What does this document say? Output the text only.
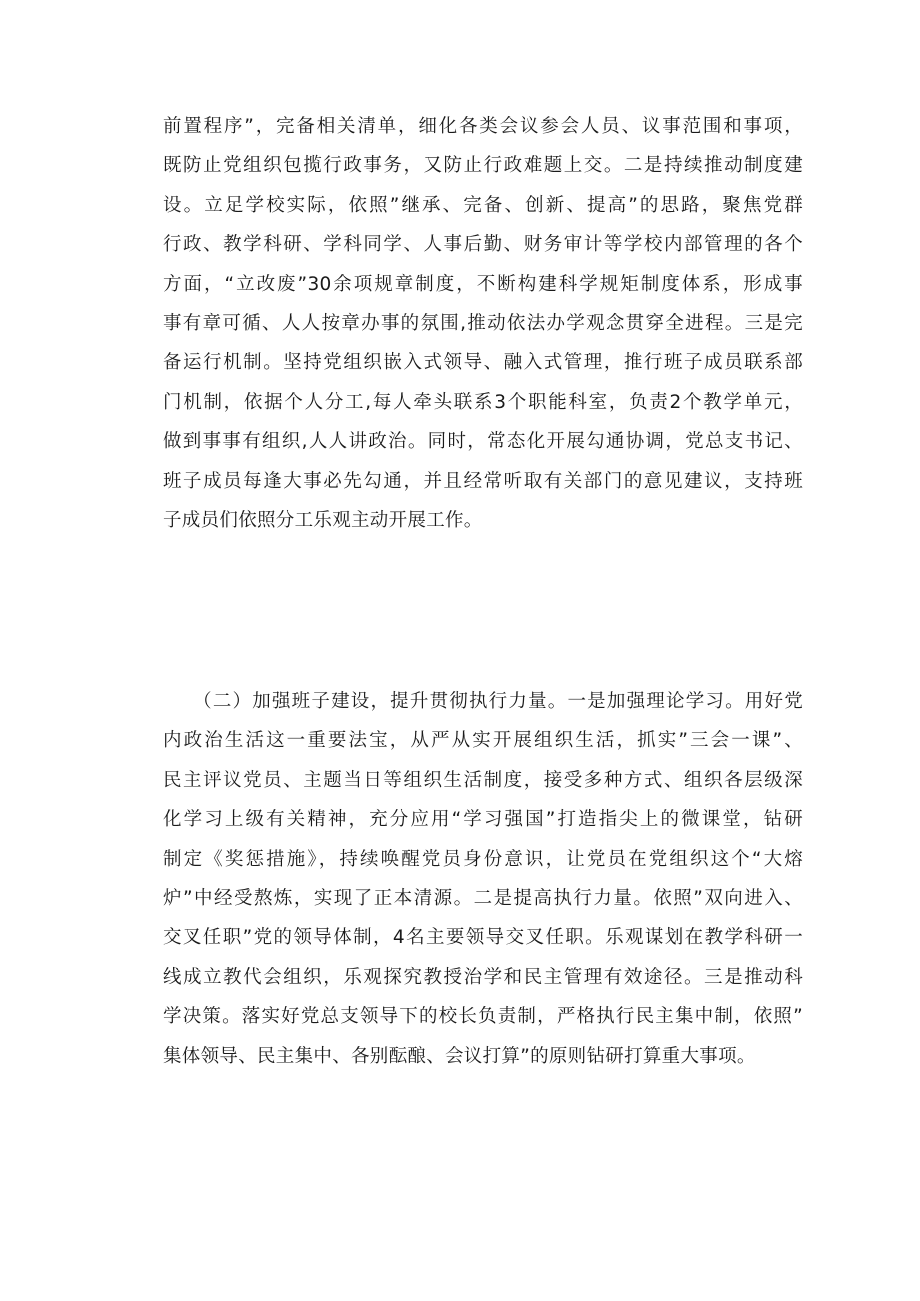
前置程序”，完备相关清单，细化各类会议参会人员、议事范围和事项，
既防止党组织包揽行政事务，又防止行政难题上交。二是持续推动制度建
设。立足学校实际，依照”继承、完备、创新、提高”的思路，聚焦党群
行政、教学科研、学科同学、人事后勤、财务审计等学校内部管理的各个
方面，“立改废”30余项规章制度，不断构建科学规矩制度体系，形成事
事有章可循、人人按章办事的氛围,推动依法办学观念贯穿全进程。三是完
备运行机制。坚持党组织嵌入式领导、融入式管理，推行班子成员联系部
门机制，依据个人分工,每人牵头联系3个职能科室，负责2个教学单元，
做到事事有组织,人人讲政治。同时，常态化开展勾通协调，党总支书记、
班子成员每逢大事必先勾通，并且经常听取有关部门的意见建议，支持班
子成员们依照分工乐观主动开展工作。
　　（二）加强班子建设，提升贯彻执行力量。一是加强理论学习。用好党
内政治生活这一重要法宝，从严从实开展组织生活，抓实”三会一课”、
民主评议党员、主题当日等组织生活制度，接受多种方式、组织各层级深
化学习上级有关精神，充分应用“学习强国”打造指尖上的微课堂，钻研
制定《奖惩措施》，持续唤醒党员身份意识，让党员在党组织这个“大熔
炉”中经受熬炼，实现了正本清源。二是提高执行力量。依照”双向进入、
交叉任职”党的领导体制，4名主要领导交叉任职。乐观谋划在教学科研一
线成立教代会组织，乐观探究教授治学和民主管理有效途径。三是推动科
学决策。落实好党总支领导下的校长负责制，严格执行民主集中制，依照”
集体领导、民主集中、各别酝酿、会议打算”的原则钻研打算重大事项。
